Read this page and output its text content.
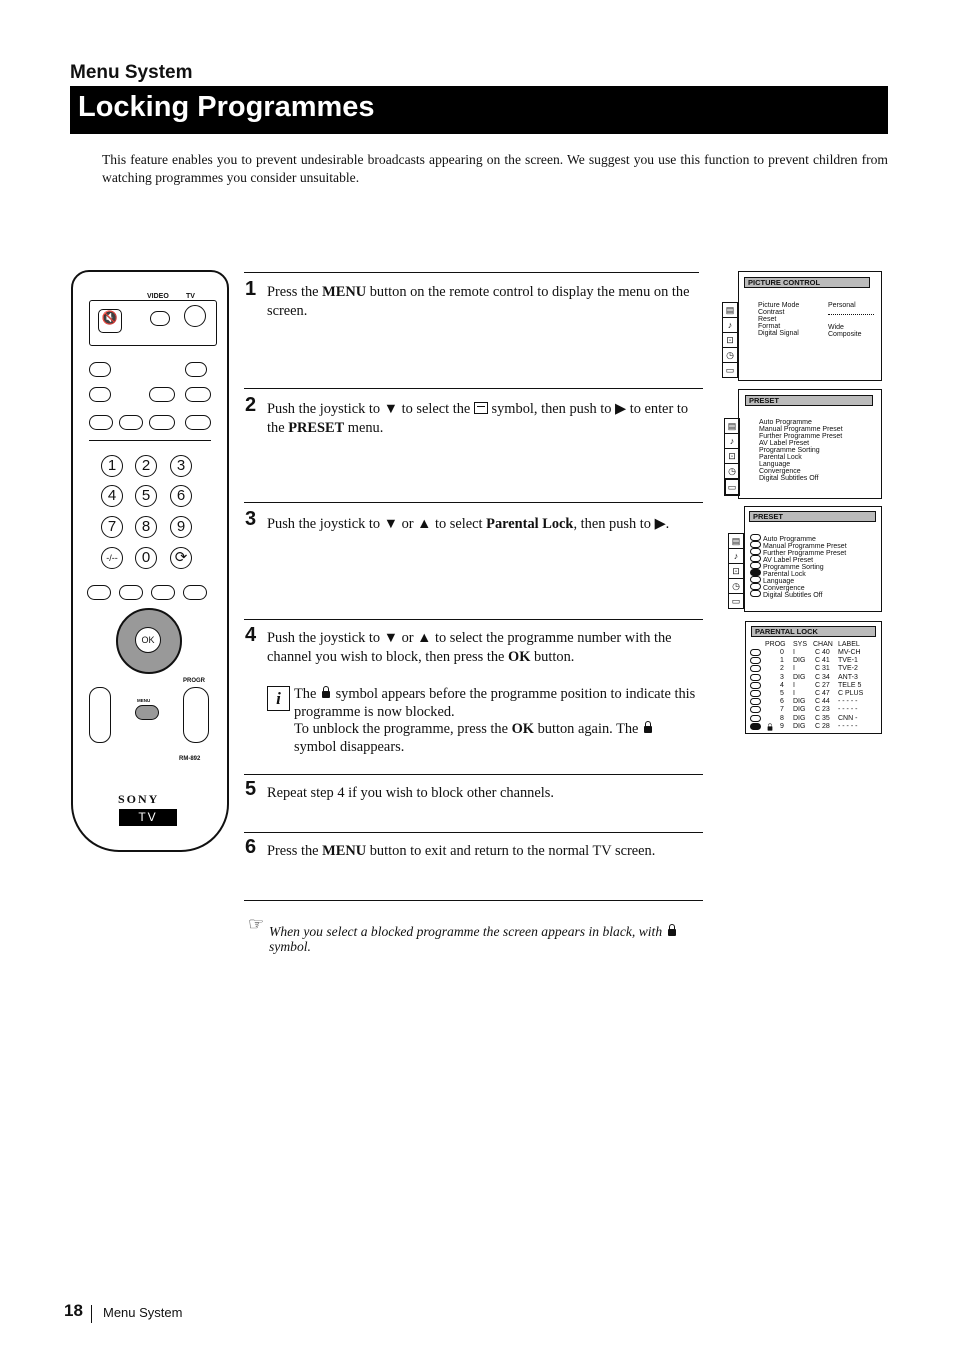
Menu System
Locking Programmes
This feature enables you to prevent undesirable broadcasts appearing on the screen. We suggest you use this function to prevent children from watching programmes you consider unsuitable.
VIDEO TV
🔇
1	2	3
4	5	6
7	8	9
-/--	0	⟳
OK
PROGR
MENU
RM-892
SONY
TV
1 Press the MENU button on the remote control to display the menu on the screen.
2 Push the joystick to ▼ to select the  symbol, then push to ▶ to enter to the PRESET menu.
3 Push the joystick to ▼ or ▲ to select Parental Lock, then push to ▶.
4 Push the joystick to ▼ or ▲ to select the programme number with the channel you wish to block, then press the OK button.
i The  symbol appears before the programme position to indicate this programme is now blocked.
To unblock the programme, press the OK button again. The
symbol disappears.
5 Repeat step 4 if you wish to block other channels.
6 Press the MENU button to exit and return to the normal TV screen.
☞ When you select a blocked programme the screen appears in black, with
symbol.
PICTURE CONTROL
Picture Mode
Contrast
Reset
Format
Digital Signal
Personal
Wide
Composite
▤
♪
⊡
◷
▭
PRESET
Auto Programme
Manual Programme Preset
Further Programme Preset
AV Label Preset
Programme Sorting
Parental Lock
Language
Convergence
Digital Subtitles Off
▤
♪
⊡
◷
▭
PRESET
Auto Programme
Manual Programme Preset
Further Programme Preset
AV Label Preset
Programme Sorting
Parental Lock
Language
Convergence
Digital Subtitles Off
▤
♪
⊡
◷
▭
PARENTAL LOCK
PROG SYS CHAN LABEL
0 I	C 40 MV-CH
1 DIG C 41 TVE-1
2 I	C 31 TVE-2
3 DIG C 34 ANT-3
4 I	C 27 TELE 5
5 I	C 47 C PLUS
6 DIG C 44 - - - - -
7 DIG C 23 - - - - -
8 DIG C 35 CNN -
9 DIG C 28 - - - - -
18 Menu System
